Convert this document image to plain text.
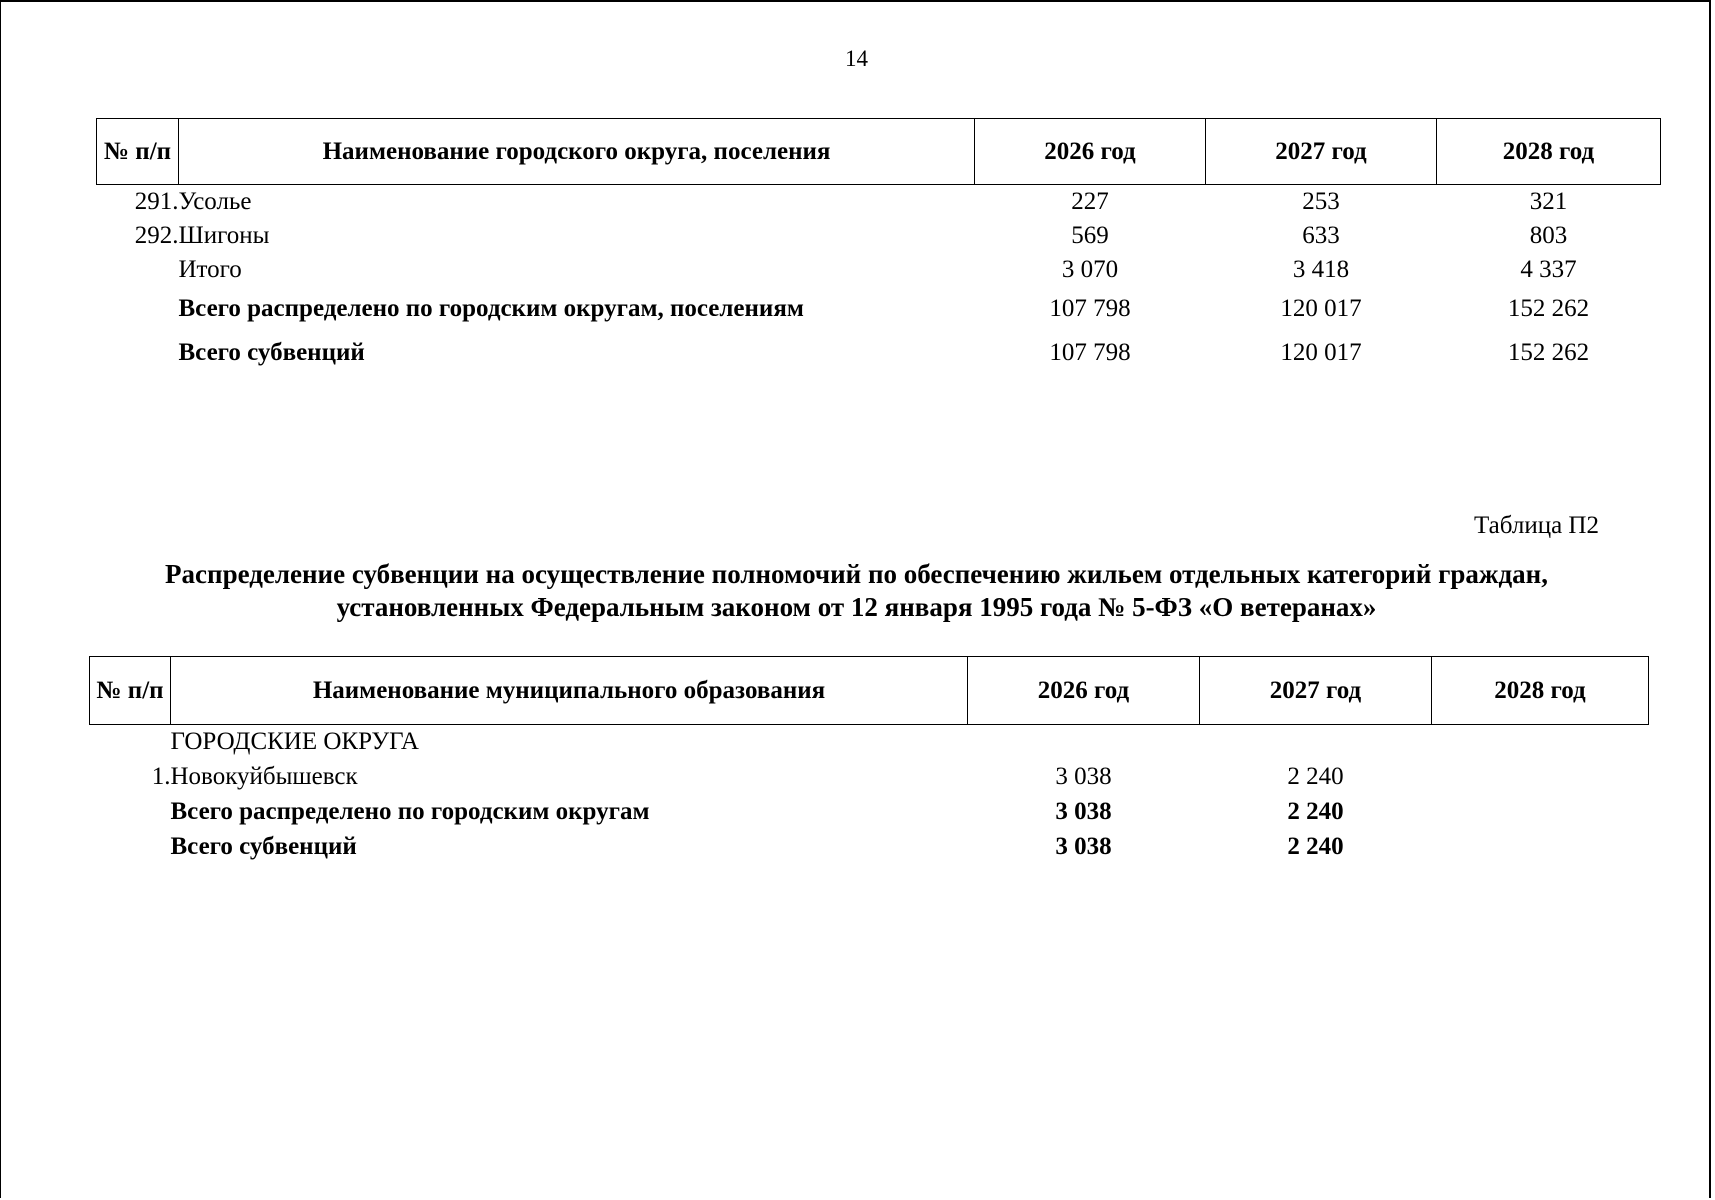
14
№ п/п	Наименование городского округа, поселения	2026 год	2027 год	2028 год
291.	Усолье	227	253	321
292.	Шигоны	569	633	803
	Итого	3 070	3 418	4 337
	Всего распределено по городским округам, поселениям	107 798	120 017	152 262
	Всего субвенций	107 798	120 017	152 262
Таблица П2
Распределение субвенции на осуществление полномочий по обеспечению жильем отдельных категорий граждан,
установленных Федеральным законом от 12 января 1995 года № 5-ФЗ «О ветеранах»
№ п/п	Наименование муниципального образования	2026 год	2027 год	2028 год
	ГОРОДСКИЕ ОКРУГА			
1.	Новокуйбышевск	3 038	2 240	
	Всего распределено по городским округам	3 038	2 240	
	Всего субвенций	3 038	2 240	
